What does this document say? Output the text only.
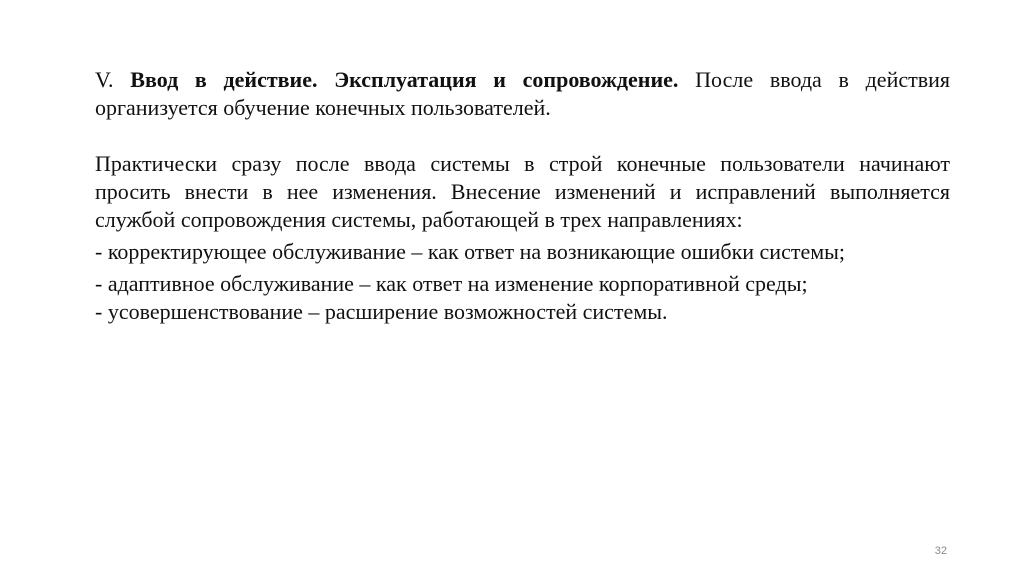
V. Ввод в действие. Эксплуатация и сопровождение. После ввода в действия организуется обучение конечных пользователей.

Практически сразу после ввода системы в строй конечные пользователи начинают просить внести в нее изменения. Внесение изменений и исправлений выполняется службой сопровождения системы, работающей в трех направлениях:

- корректирующее обслуживание – как ответ на возникающие ошибки системы;

- адаптивное обслуживание – как ответ на изменение корпоративной среды;

- усовершенствование – расширение возможностей системы.

32
